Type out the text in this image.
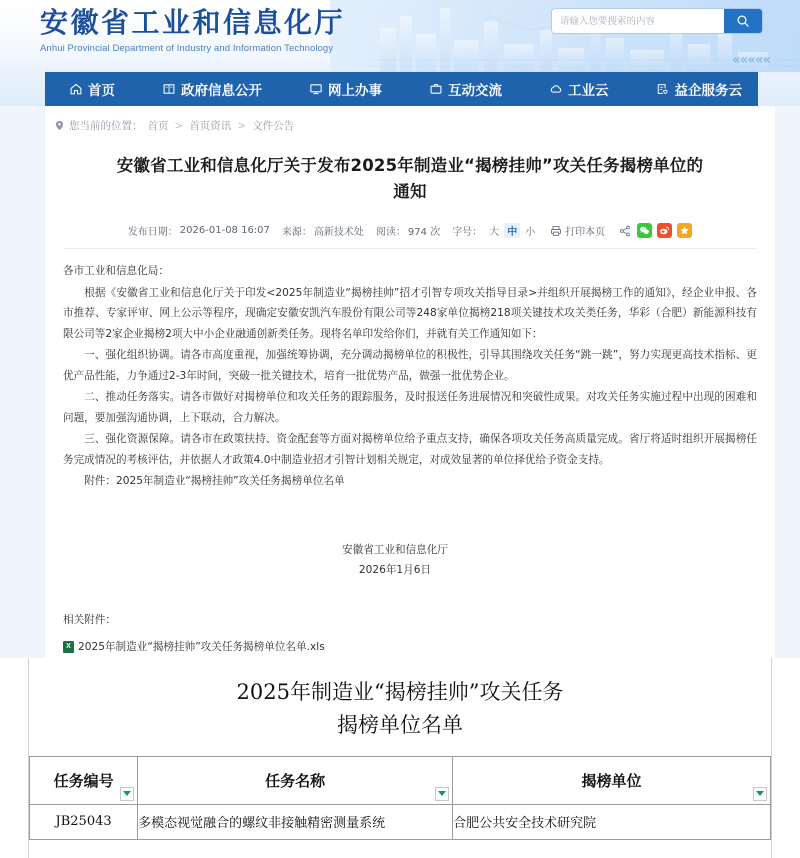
安徽省工业和信息化厅
Anhui Provincial Department of Industry and Information Technology
«««««
请输入您要搜索的内容
首页	政府信息公开	网上办事	互动交流	工业云	益企服务云
您当前的位置： 首页 > 首页资讯 > 文件公告
安徽省工业和信息化厅关于发布2025年制造业“揭榜挂帅”攻关任务揭榜单位的通知
发布日期： 2026-01-08 16:07 来源： 高新技术处 阅读： 974 次 字号： 大 中 小	打印本页

各市工业和信息化局：

根据《安徽省工业和信息化厅关于印发<2025年制造业“揭榜挂帅”招才引智专项攻关指导目录>并组织开展揭榜工作的通知》，经企业申报、各市推荐、专家评审、网上公示等程序，现确定安徽安凯汽车股份有限公司等248家单位揭榜218项关键技术攻关类任务，华彩（合肥）新能源科技有限公司等2家企业揭榜2项大中小企业融通创新类任务。现将名单印发给你们，并就有关工作通知如下：

一、强化组织协调。请各市高度重视，加强统筹协调，充分调动揭榜单位的积极性，引导其围绕攻关任务“跳一跳”，努力实现更高技术指标、更优产品性能，力争通过2-3年时间，突破一批关键技术，培育一批优势产品，做强一批优势企业。

二、推动任务落实。请各市做好对揭榜单位和攻关任务的跟踪服务，及时报送任务进展情况和突破性成果。对攻关任务实施过程中出现的困难和问题，要加强沟通协调，上下联动，合力解决。

三、强化资源保障。请各市在政策扶持、资金配套等方面对揭榜单位给予重点支持，确保各项攻关任务高质量完成。省厅将适时组织开展揭榜任务完成情况的考核评估，并依据人才政策4.0中制造业招才引智计划相关规定，对成效显著的单位择优给予资金支持。

附件：2025年制造业“揭榜挂帅”攻关任务揭榜单位名单

安徽省工业和信息化厅
2026年1月6日
相关附件：
X 2025年制造业“揭榜挂帅”攻关任务揭榜单位名单.xls
2025年制造业“揭榜挂帅”攻关任务
揭榜单位名单
任务编号	任务名称	揭榜单位

JB25043	多模态视觉融合的螺纹非接触精密测量系统	合肥公共安全技术研究院
